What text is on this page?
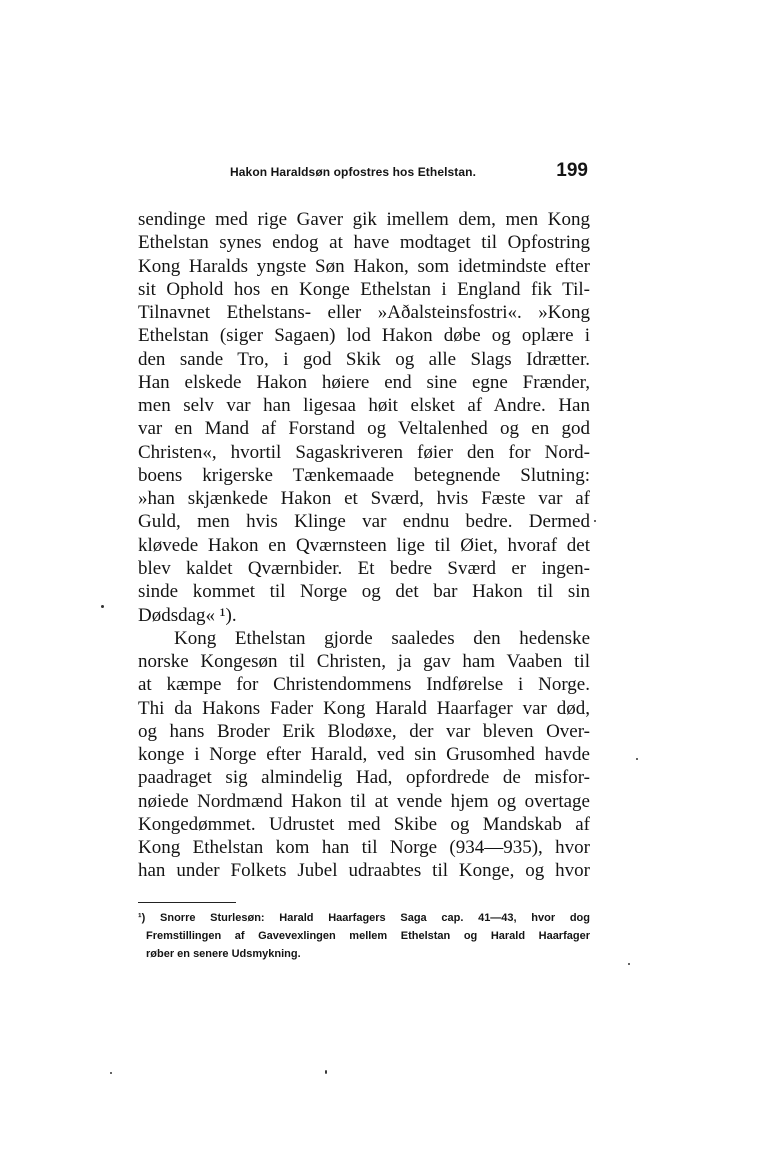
Hakon Haraldsøn opfostres hos Ethelstan.	199
sendinge med rige Gaver gik imellem dem, men Kong
Ethelstan synes endog at have modtaget til Opfostring
Kong Haralds yngste Søn Hakon, som idetmindste efter
sit Ophold hos en Konge Ethelstan i England fik Til-
Tilnavnet Ethelstans- eller »Aðalsteinsfostri«. »Kong
Ethelstan (siger Sagaen) lod Hakon døbe og oplære i
den sande Tro, i god Skik og alle Slags Idrætter.
Han elskede Hakon høiere end sine egne Frænder,
men selv var han ligesaa høit elsket af Andre. Han
var en Mand af Forstand og Veltalenhed og en god
Christen«, hvortil Sagaskriveren føier den for Nord-
boens krigerske Tænkemaade betegnende Slutning:
»han skjænkede Hakon et Sværd, hvis Fæste var af
Guld, men hvis Klinge var endnu bedre. Dermed
kløvede Hakon en Qværnsteen lige til Øiet, hvoraf det
blev kaldet Qværnbider. Et bedre Sværd er ingen-
sinde kommet til Norge og det bar Hakon til sin
Dødsdag« ¹).
Kong Ethelstan gjorde saaledes den hedenske
norske Kongesøn til Christen, ja gav ham Vaaben til
at kæmpe for Christendommens Indførelse i Norge.
Thi da Hakons Fader Kong Harald Haarfager var død,
og hans Broder Erik Blodøxe, der var bleven Over-
konge i Norge efter Harald, ved sin Grusomhed havde
paadraget sig almindelig Had, opfordrede de misfor-
nøiede Nordmænd Hakon til at vende hjem og overtage
Kongedømmet. Udrustet med Skibe og Mandskab af
Kong Ethelstan kom han til Norge (934—935), hvor
han under Folkets Jubel udraabtes til Konge, og hvor
¹) Snorre Sturlesøn: Harald Haarfagers Saga cap. 41—43, hvor dog
Fremstillingen af Gavevexlingen mellem Ethelstan og Harald Haarfager
røber en senere Udsmykning.
